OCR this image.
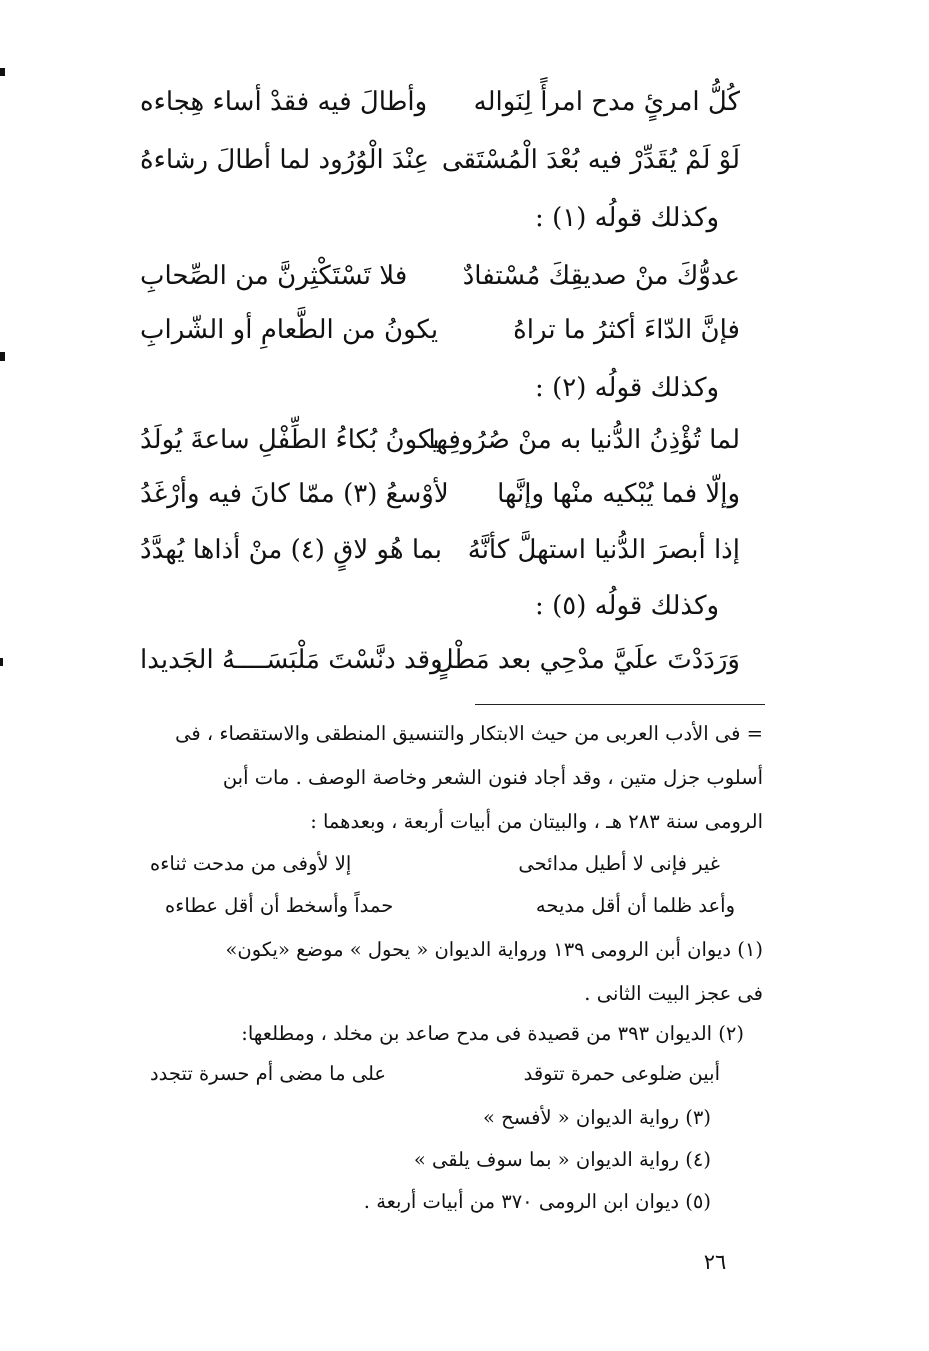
كُلُّ امرئٍ مدح امرأً لِنَواله
وأطالَ فيه فقدْ أساء هِجاءه
لَوْ لَمْ يُقَدِّرْ فيه بُعْدَ الْمُسْتَقى
عِنْدَ الْوُرُود لما أطالَ رشاءهُ
وكذلك قولُه (١) :
عدوُّكَ منْ صديقِكَ مُسْتفادٌ
فلا تَسْتَكْثِرنَّ من الصِّحابِ
فإنَّ الدّاءَ أكثرُ ما تراهُ
يكونُ من الطَّعامِ أو الشّرابِ
وكذلك قولُه (٢) :
لما تُؤْذِنُ الدُّنيا به منْ صُرُوفِها
يكونُ بُكاءُ الطِّفْلِ ساعةَ يُولَدُ
وإلّا فما يُبْكيه منْها وإنَّها
لأوْسعُ (٣) ممّا كانَ فيه وأرْغَدُ
إذا أبصرَ الدُّنيا استهلَّ كأنَّهُ
بما هُو لاقٍ (٤) منْ أذاها يُهدَّدُ
وكذلك قولُه (٥) :
وَرَدَدْتَ علَيَّ مدْحِي بعد مَطْلٍ
وقد دنَّسْتَ مَلْبَسَــــهُ الجَديدا
= فى الأدب العربى من حيث الابتكار والتنسيق المنطقى والاستقصاء ، فى
أسلوب جزل متين ، وقد أجاد فنون الشعر وخاصة الوصف . مات أبن
الرومى سنة ٢٨٣ هـ ، والبيتان من أبيات أربعة ، وبعدهما :
غير فإنى لا أطيل مدائحى
إلا لأوفى من مدحت ثناءه
وأعد ظلما أن أقل مديحه
حمداً وأسخط أن أقل عطاءه
(١) ديوان أبن الرومى ١٣٩ ورواية الديوان « يحول » موضع «يكون»
فى عجز البيت الثانى .
(٢) الديوان ٣٩٣ من قصيدة فى مدح صاعد بن مخلد ، ومطلعها:
أبين ضلوعى حمرة تتوقد
على ما مضى أم حسرة تتجدد
(٣) رواية الديوان « لأفسح »
(٤) رواية الديوان « بما سوف يلقى »
(٥) ديوان ابن الرومى ٣٧٠ من أبيات أربعة .
٢٦
